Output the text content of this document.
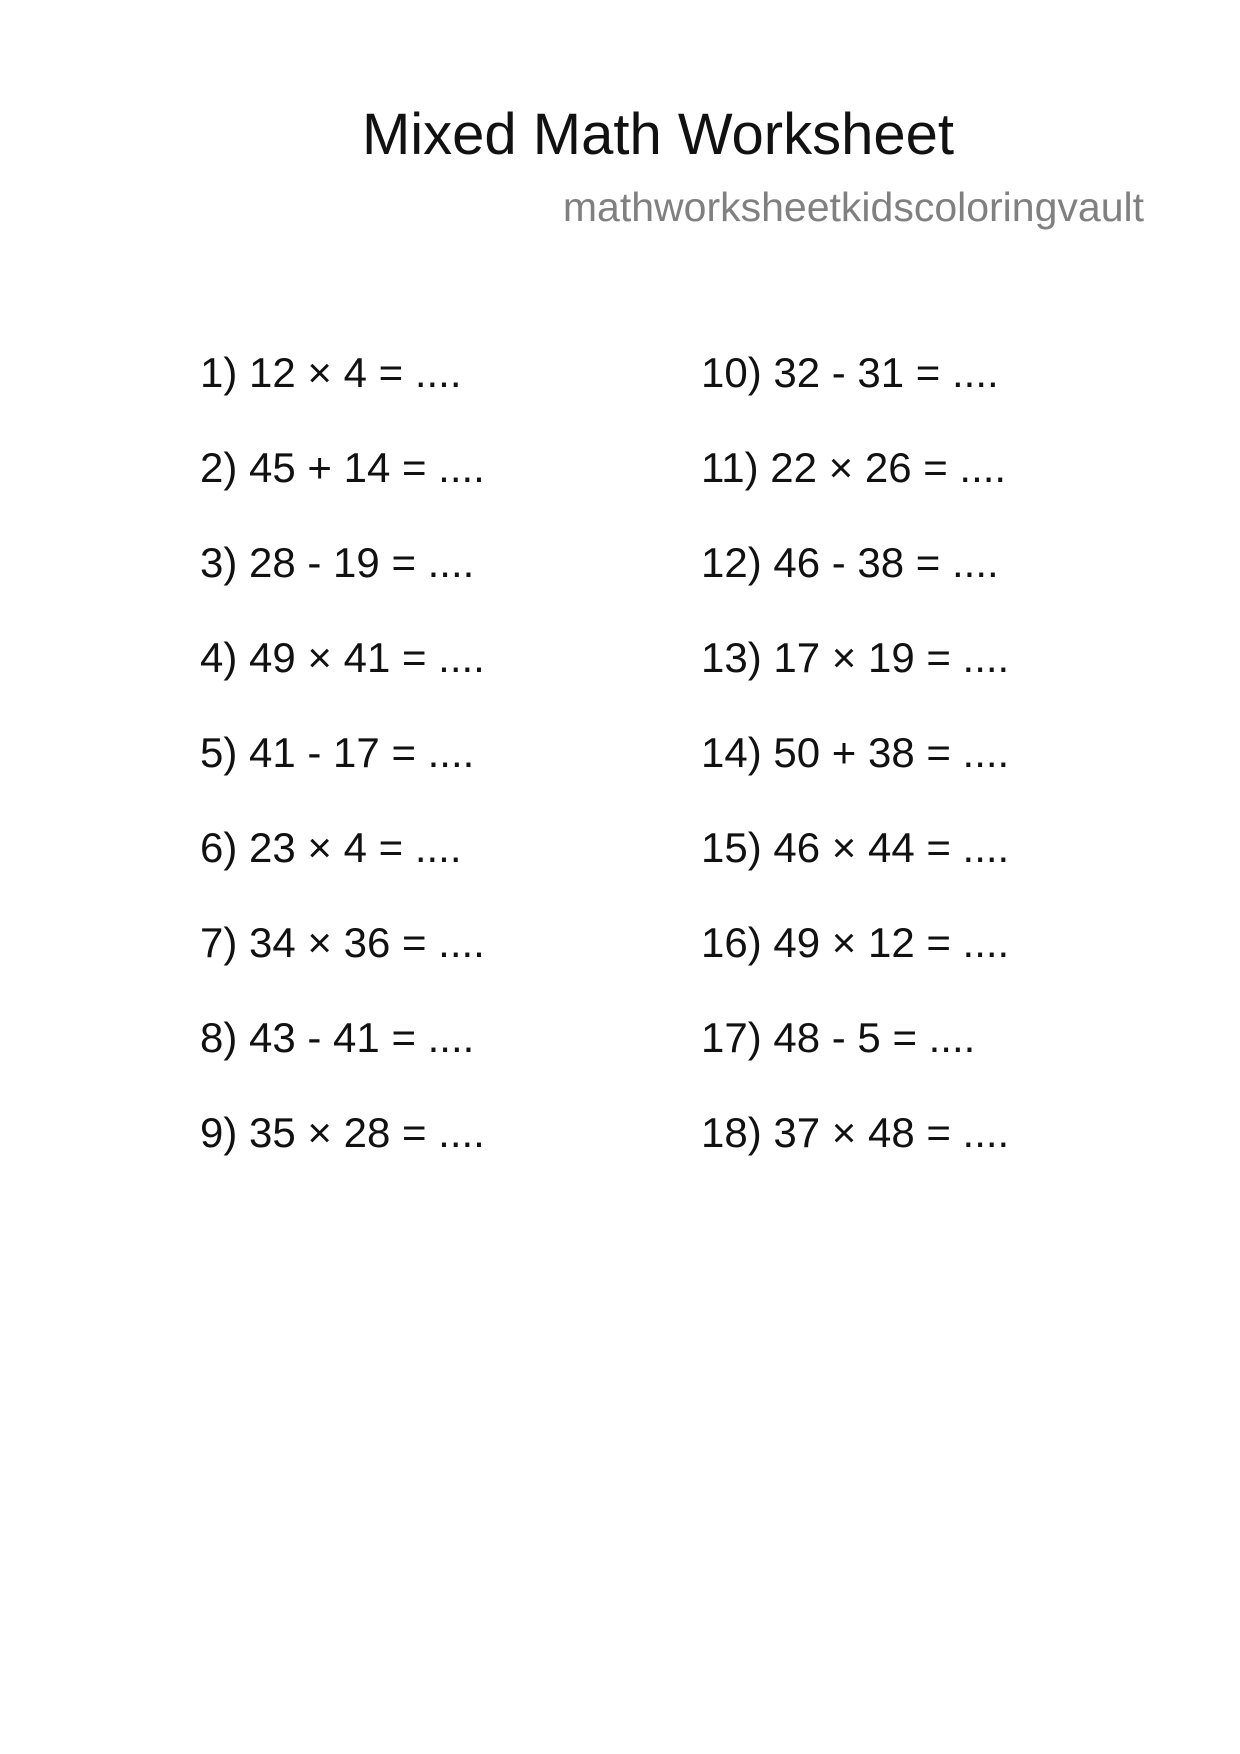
Mixed Math Worksheet
mathworksheetkidscoloringvault
1) 12 × 4 = ....
2) 45 + 14 = ....
3) 28 - 19 = ....
4) 49 × 41 = ....
5) 41 - 17 = ....
6) 23 × 4 = ....
7) 34 × 36 = ....
8) 43 - 41 = ....
9) 35 × 28 = ....
10) 32 - 31 = ....
11) 22 × 26 = ....
12) 46 - 38 = ....
13) 17 × 19 = ....
14) 50 + 38 = ....
15) 46 × 44 = ....
16) 49 × 12 = ....
17) 48 - 5 = ....
18) 37 × 48 = ....
